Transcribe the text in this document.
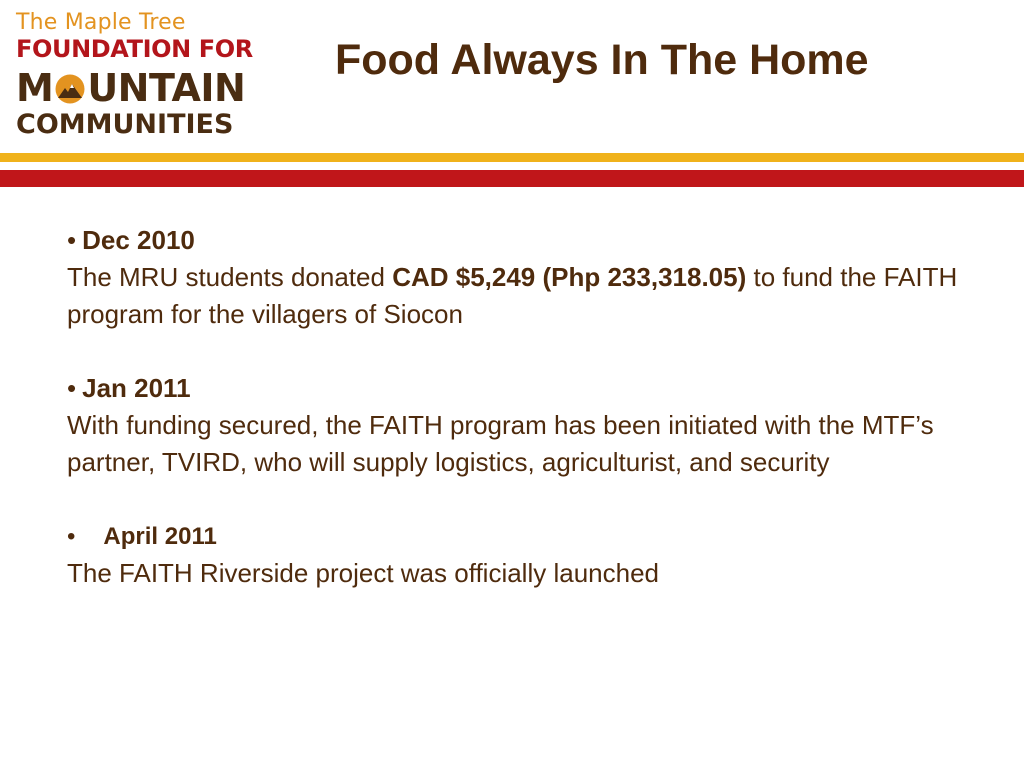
The Maple Tree
FOUNDATION FOR
M UNTAIN
COMMUNITIES
Food Always In The Home
• Dec 2010

The MRU students donated CAD $5,249 (Php 233,318.05) to fund the FAITH program for the villagers of Siocon

• Jan 2011

With funding secured, the FAITH program has been initiated with the MTF’s partner, TVIRD, who will supply logistics, agriculturist, and security

• April 2011

The FAITH Riverside project was officially launched
